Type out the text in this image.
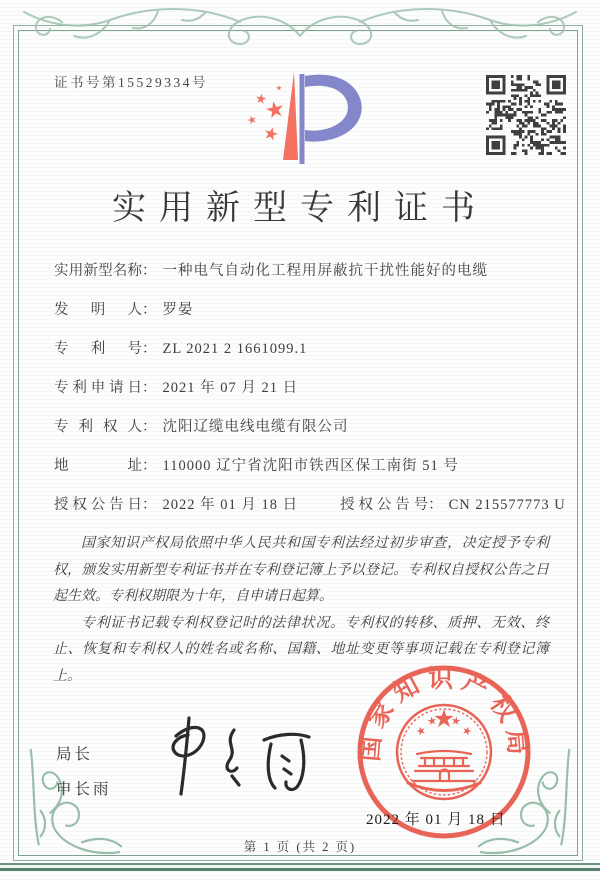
证书号第15529334号
实用新型专利证书
实用新型名称： 一种电气自动化工程用屏蔽抗干扰性能好的电缆
发明人： 罗晏
专利号： ZL 2021 2 1661099.1
专利申请日： 2021 年 07 月 21 日
专利权人： 沈阳辽缆电线电缆有限公司
地址： 110000 辽宁省沈阳市铁西区保工南街 51 号
授权公告日： 2022 年 01 月 18 日	授权公告号： CN 215577773 U

国家知识产权局依照中华人民共和国专利法经过初步审查，决定授予专利权，颁发实用新型专利证书并在专利登记簿上予以登记。专利权自授权公告之日起生效。专利权期限为十年，自申请日起算。

专利证书记载专利权登记时的法律状况。专利权的转移、质押、无效、终止、恢复和专利权人的姓名或名称、国籍、地址变更等事项记载在专利登记簿上。

局长
申长雨
国家知识产权局
2022 年 01 月 18 日
第 1 页 (共 2 页)
